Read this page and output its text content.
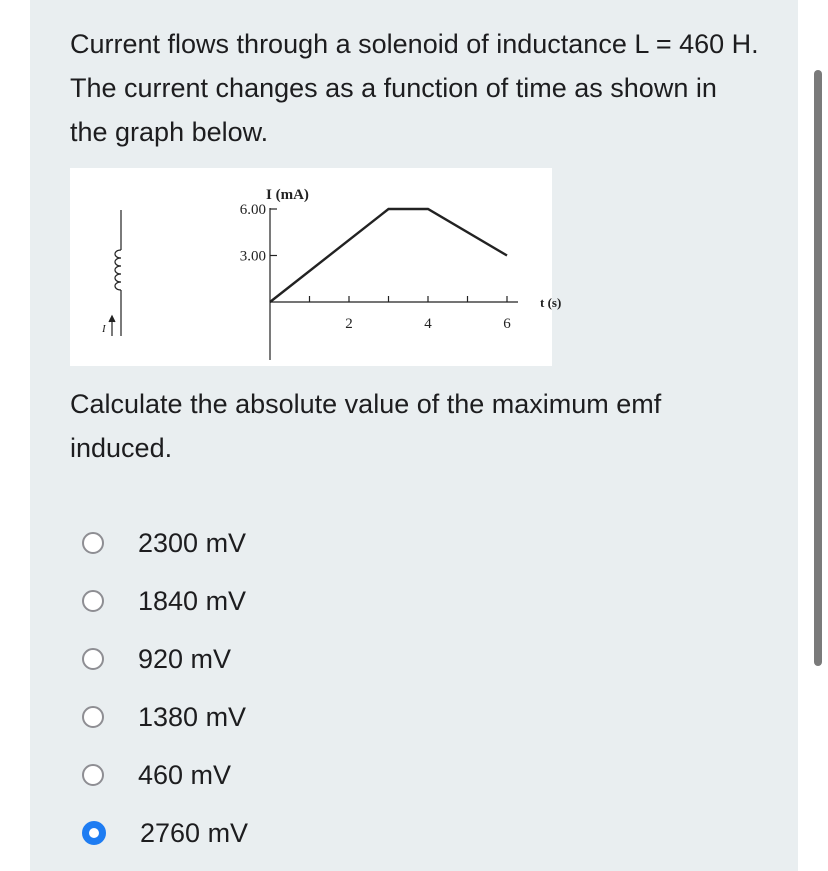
Current flows through a solenoid of inductance L = 460 H. The current changes as a function of time as shown in the graph below.

I
I (mA)
t (s)
3.00
6.00
2	4	6

Calculate the absolute value of the maximum emf induced.

2300 mV
1840 mV
920 mV
1380 mV
460 mV
2760 mV
